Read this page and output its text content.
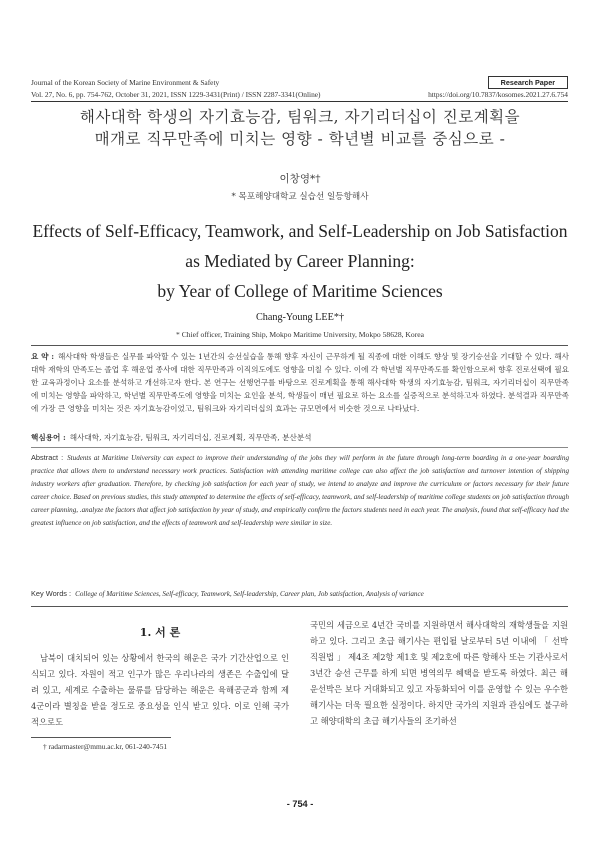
Journal of the Korean Society of Marine Environment & Safety	Research Paper
Vol. 27, No. 6, pp. 754-762, October 31, 2021, ISSN 1229-3431(Print) / ISSN 2287-3341(Online)	https://doi.org/10.7837/kosomes.2021.27.6.754
해사대학 학생의 자기효능감, 팀워크, 자기리더십이 진로계획을
매개로 직무만족에 미치는 영향 - 학년별 비교를 중심으로 -
이창영*†
* 목포해양대학교 실습선 일등항해사
Effects of Self-Efficacy, Teamwork, and Self-Leadership on Job Satisfaction
as Mediated by Career Planning:
by Year of College of Maritime Sciences
Chang-Young LEE*†
* Chief officer, Training Ship, Mokpo Maritime University, Mokpo 58628, Korea
요 약 : 해사대학 학생들은 실무를 파악할 수 있는 1년간의 승선실습을 통해 향후 자신이 근무하게 될 직종에 대한 이해도 향상 및 장기승선을 기대할 수 있다. 해사대학 재학의 만족도는 졸업 후 해운업 종사에 대한 직무만족과 이직의도에도 영향을 미칠 수 있다. 이에 각 학년별 직무만족도를 확인함으로써 향후 진로선택에 필요한 교육과정이나 요소를 분석하고 개선하고자 한다. 본 연구는 선행연구를 바탕으로 진로계획을 통해 해사대학 학생의 자기효능감, 팀워크, 자기리더십이 직무만족에 미치는 영향을 파악하고, 학년별 직무만족도에 영향을 미치는 요인을 분석, 학생들이 매년 필요로 하는 요소를 실증적으로 분석하고자 하였다. 분석결과 직무만족에 가장 큰 영향을 미치는 것은 자기효능감이었고, 팀워크와 자기리더십의 효과는 규모면에서 비슷한 것으로 나타났다.
핵심용어 : 해사대학, 자기효능감, 팀워크, 자기리더십, 진로계획, 직무만족, 분산분석
Abstract : Students at Maritime University can expect to improve their understanding of the jobs they will perform in the future through long-term boarding in a one-year boarding practice that allows them to understand necessary work practices. Satisfaction with attending maritime college can also affect the job satisfaction and turnover intention of shipping industry workers after graduation. Therefore, by checking job satisfaction for each year of study, we intend to analyze and improve the curriculum or factors necessary for their future career choice. Based on previous studies, this study attempted to determine the effects of self-efficacy, teamwork, and self-leadership of maritime college students on job satisfaction through career planning, .analyze the factors that affect job satisfaction by year of study, and empirically confirm the factors students need in each year. The analysis, found that self-efficacy had the greatest influence on job satisfaction, and the effects of teamwork and self-leadership were similar in size.
Key Words : College of Maritime Sciences, Self-efficacy, Teamwork, Self-leadership, Career plan, Job satisfaction, Analysis of variance
1. 서 론
남북이 대치되어 있는 상황에서 한국의 해운은 국가 기간산업으로 인식되고 있다. 자원이 적고 인구가 많은 우리나라의 생존은 수출입에 달려 있고, 세계로 수출하는 물류를 담당하는 해운은 육해공군과 함께 제 4군이라 별칭을 받을 정도로 중요성을 인식 받고 있다. 이로 인해 국가적으로도
국민의 세금으로 4년간 국비를 지원하면서 해사대학의 재학생들을 지원하고 있다. 그리고 초급 해기사는 편입될 날로부터 5년 이내에 「 선박직원법 」 제4조 제2항 제1호 및 제2호에 따른 항해사 또는 기관사로서 3년간 승선 근무를 하게 되면 병역의무 혜택을 받도록 하였다. 최근 해운선박은 보다 거대화되고 있고 자동화되어 이를 운영할 수 있는 우수한 해기사는 더욱 필요한 실정이다. 하지만 국가의 지원과 관심에도 불구하고 해양대학의 초급 해기사들의 조기하선
† radarmaster@mmu.ac.kr, 061-240-7451
- 754 -
